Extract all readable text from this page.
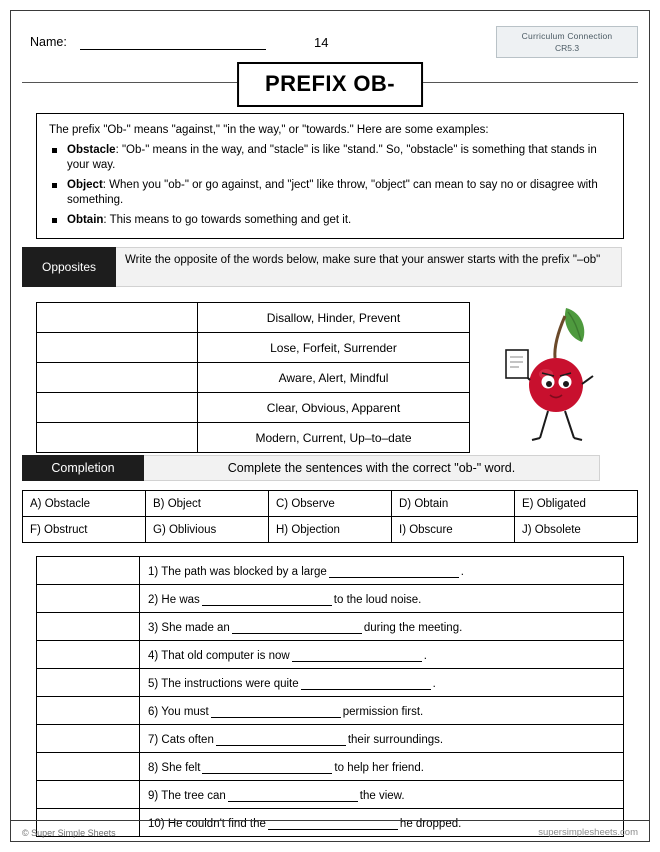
Name:	14	Curriculum Connection
CR5.3
PREFIX OB-
The prefix "Ob-" means "against," "in the way," or "towards." Here are some examples:
Obstacle: "Ob-" means in the way, and "stacle" is like "stand." So, "obstacle" is something that stands in your way.
Object: When you "ob-" or go against, and "ject" like throw, "object" can mean to say no or disagree with something.
Obtain: This means to go towards something and get it.
Opposites	Write the opposite of the words below, make sure that your answer starts with the prefix "–ob"
	Disallow, Hinder, Prevent
	Lose, Forfeit, Surrender
	Aware, Alert, Mindful
	Clear, Obvious, Apparent
	Modern, Current, Up–to–date
Completion	Complete the sentences with the correct "ob-" word.
A) Obstacle	B) Object	C) Observe	D) Obtain	E) Obligated
F) Obstruct	G) Oblivious	H) Objection	I) Obscure	J) Obsolete
	1) The path was blocked by a large .
	2) He was to the loud noise.
	3) She made an during the meeting.
	4) That old computer is now .
	5) The instructions were quite .
	6) You must permission first.
	7) Cats often their surroundings.
	8) She felt to help her friend.
	9) The tree can the view.
	10) He couldn't find the he dropped.
© Super Simple Sheets	supersimplesheets.com
